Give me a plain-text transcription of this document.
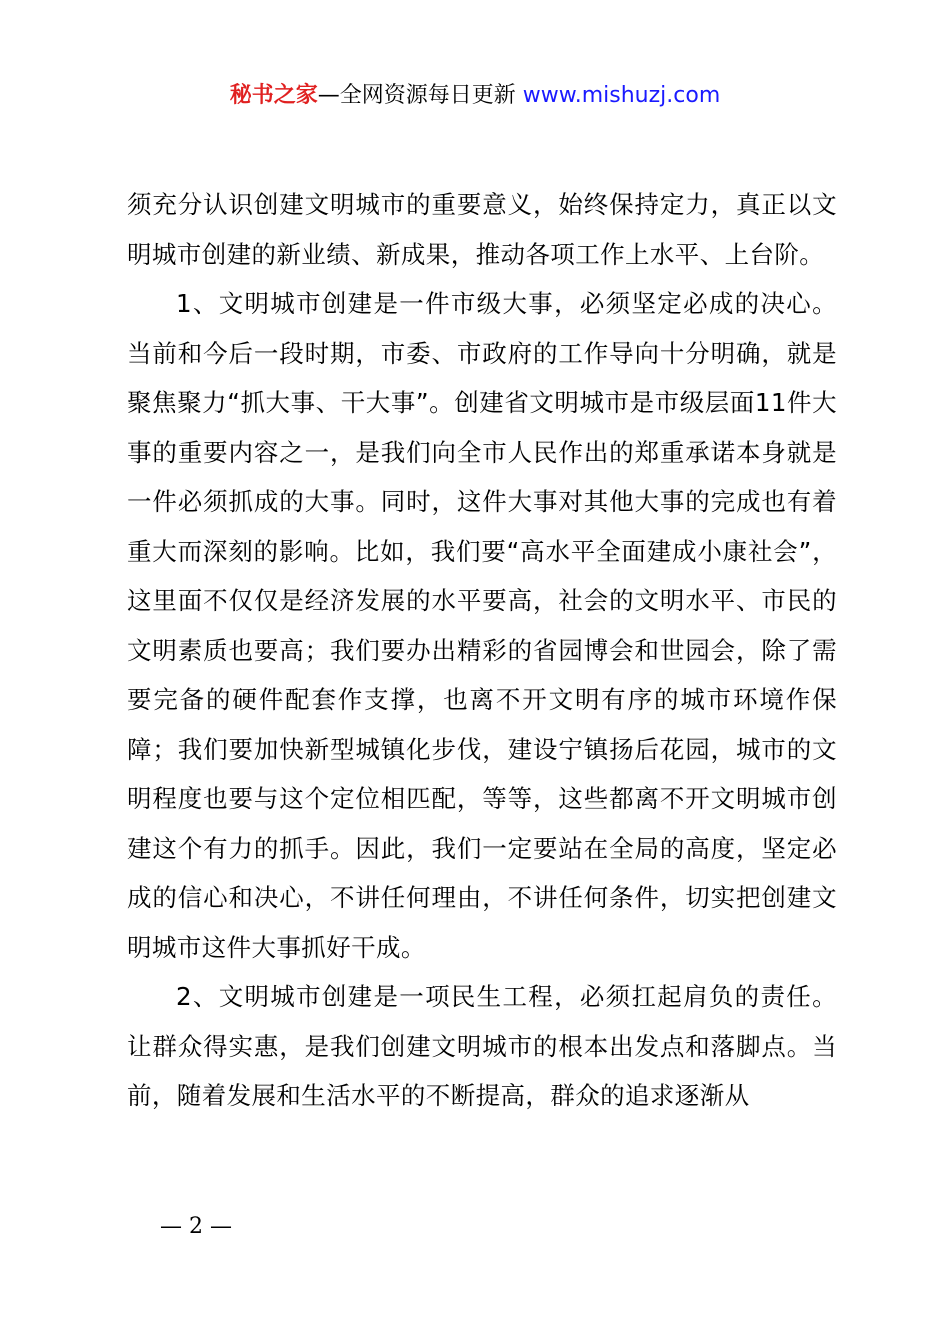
秘书之家—全网资源每日更新 www.mishuzj.com

须充分认识创建文明城市的重要意义，始终保持定力，真正以文明城市创建的新业绩、新成果，推动各项工作上水平、上台阶。

1、文明城市创建是一件市级大事，必须坚定必成的决心。当前和今后一段时期，市委、市政府的工作导向十分明确，就是聚焦聚力“抓大事、干大事”。创建省文明城市是市级层面11件大事的重要内容之一，是我们向全市人民作出的郑重承诺本身就是一件必须抓成的大事。同时，这件大事对其他大事的完成也有着重大而深刻的影响。比如，我们要“高水平全面建成小康社会”，这里面不仅仅是经济发展的水平要高，社会的文明水平、市民的文明素质也要高；我们要办出精彩的省园博会和世园会，除了需要完备的硬件配套作支撑，也离不开文明有序的城市环境作保障；我们要加快新型城镇化步伐，建设宁镇扬后花园，城市的文明程度也要与这个定位相匹配，等等，这些都离不开文明城市创建这个有力的抓手。因此，我们一定要站在全局的高度，坚定必成的信心和决心，不讲任何理由，不讲任何条件，切实把创建文明城市这件大事抓好干成。

2、文明城市创建是一项民生工程，必须扛起肩负的责任。让群众得实惠，是我们创建文明城市的根本出发点和落脚点。当前，随着发展和生活水平的不断提高，群众的追求逐渐从

— 2 —
